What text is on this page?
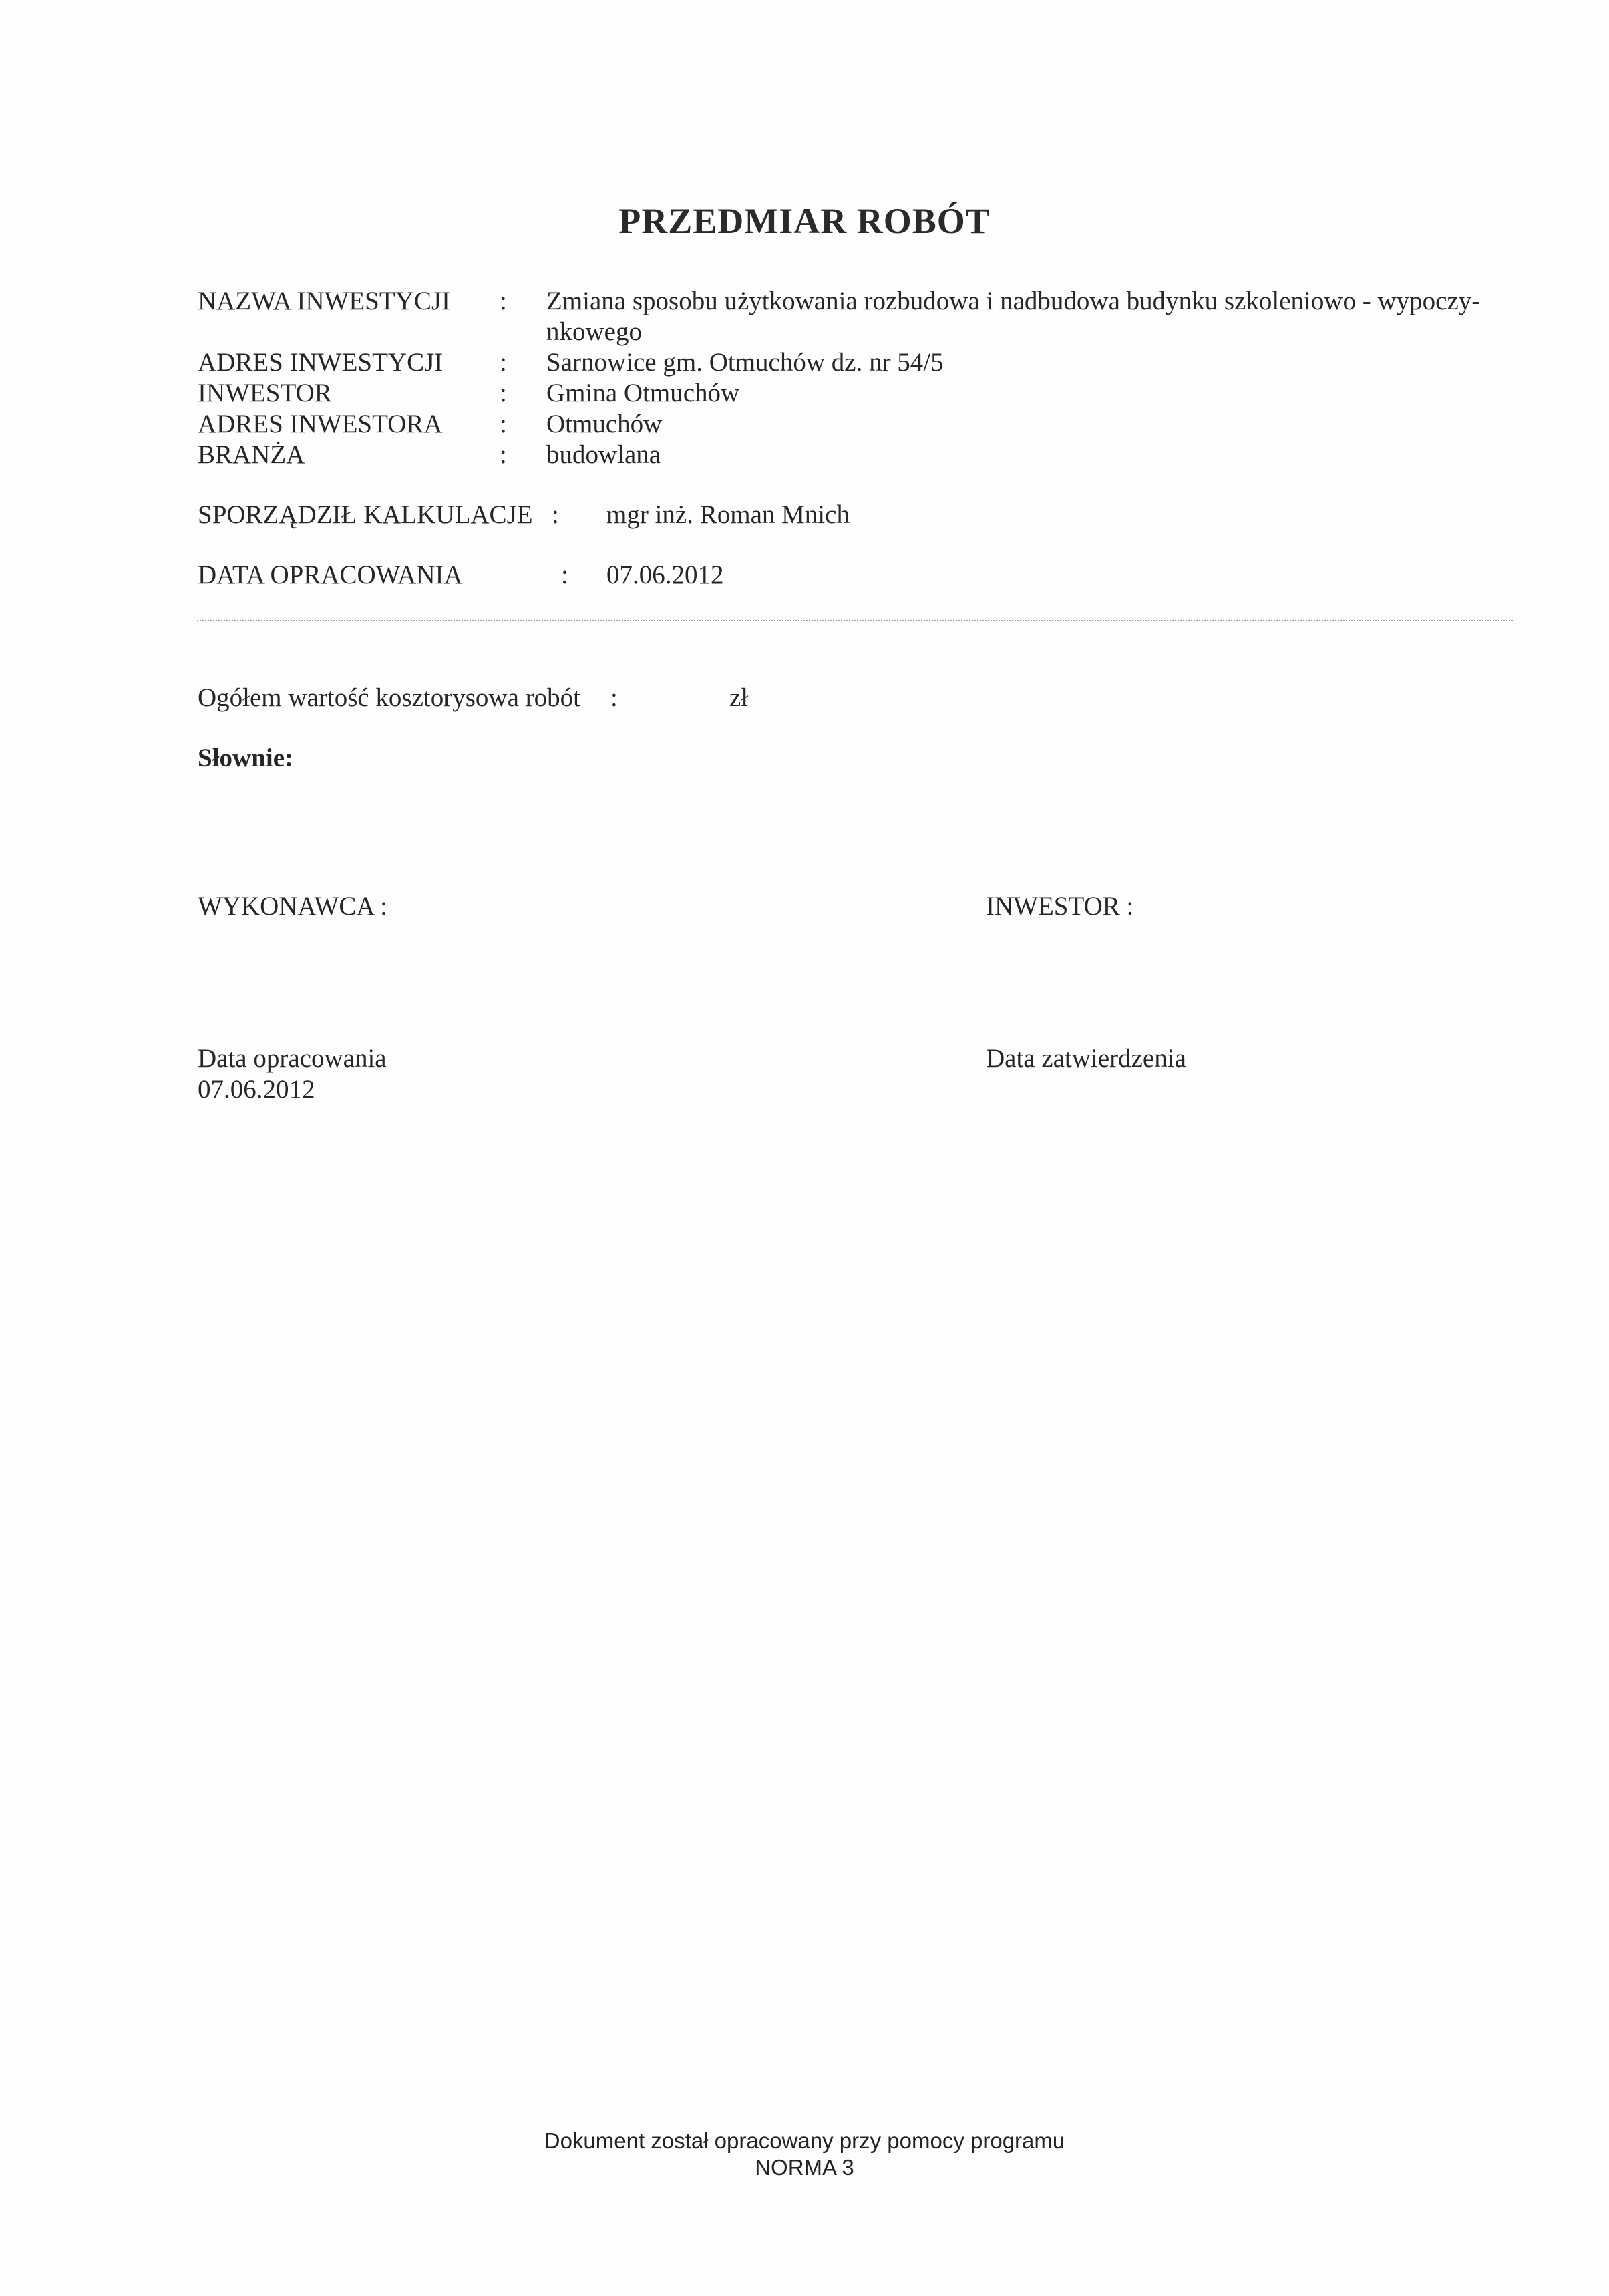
PRZEDMIAR ROBÓT
NAZWA INWESTYCJI : Zmiana sposobu użytkowania rozbudowa i nadbudowa budynku szkoleniowo - wypoczy-nkowego
ADRES INWESTYCJI : Sarnowice gm. Otmuchów dz. nr 54/5
INWESTOR	: Gmina Otmuchów
ADRES INWESTORA : Otmuchów
BRANŻA	: budowlana
SPORZĄDZIŁ KALKULACJE : mgr inż. Roman Mnich
DATA OPRACOWANIA	: 07.06.2012
Ogółem wartość kosztorysowa robót :	zł
Słownie:
WYKONAWCA :	INWESTOR :
Data opracowania
07.06.2012
Data zatwierdzenia
Dokument został opracowany przy pomocy programu
NORMA 3
